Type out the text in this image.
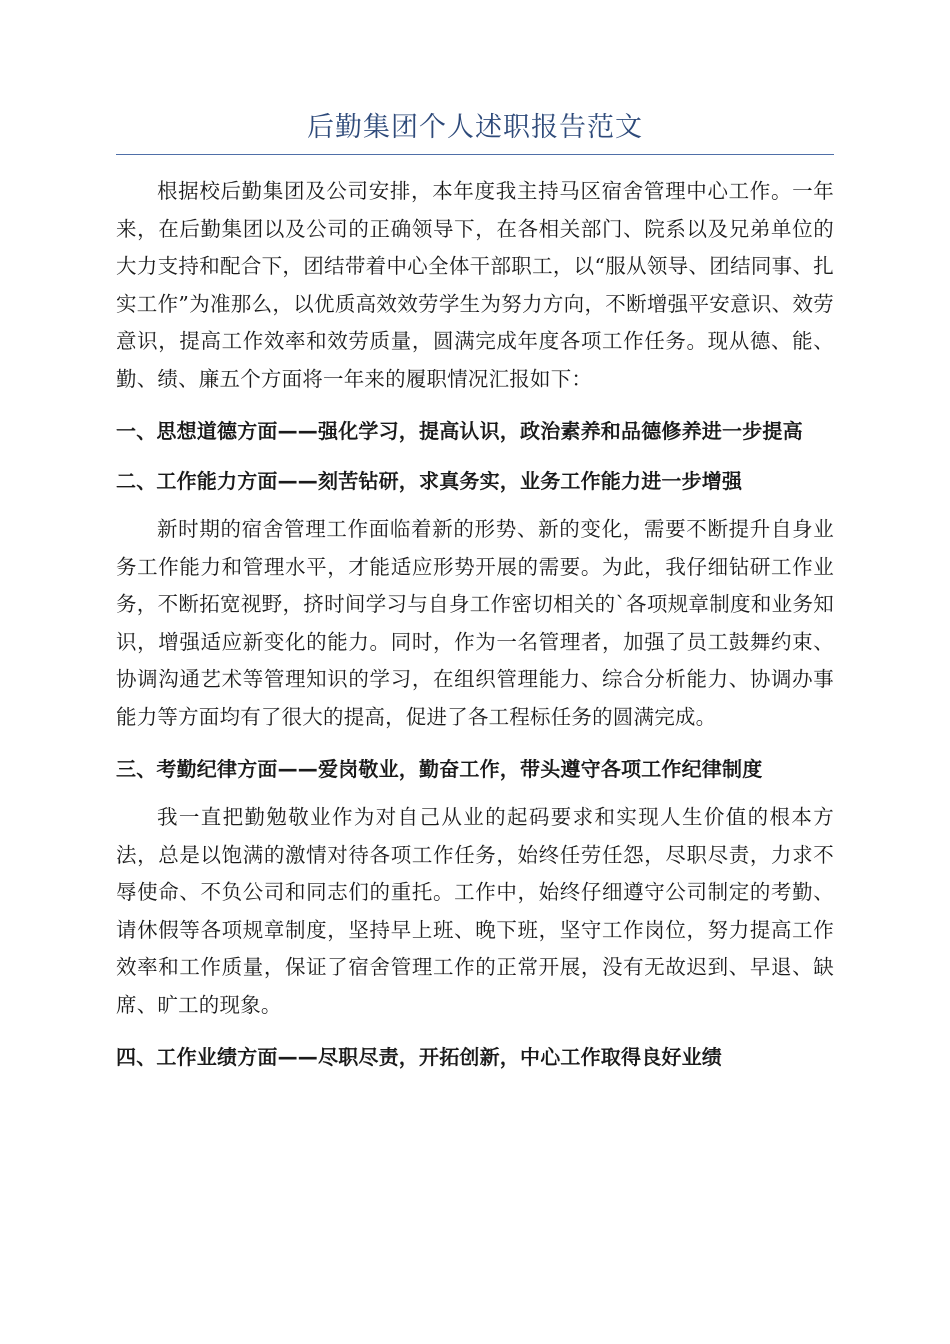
后勤集团个人述职报告范文

根据校后勤集团及公司安排，本年度我主持马区宿舍管理中心工作。一年来，在后勤集团以及公司的正确领导下，在各相关部门、院系以及兄弟单位的大力支持和配合下，团结带着中心全体干部职工，以“服从领导、团结同事、扎实工作”为准那么，以优质高效效劳学生为努力方向，不断增强平安意识、效劳意识，提高工作效率和效劳质量，圆满完成年度各项工作任务。现从德、能、勤、绩、廉五个方面将一年来的履职情况汇报如下：

一、思想道德方面——强化学习，提高认识，政治素养和品德修养进一步提高

二、工作能力方面——刻苦钻研，求真务实，业务工作能力进一步增强

新时期的宿舍管理工作面临着新的形势、新的变化，需要不断提升自身业务工作能力和管理水平，才能适应形势开展的需要。为此，我仔细钻研工作业务，不断拓宽视野，挤时间学习与自身工作密切相关的`各项规章制度和业务知识，增强适应新变化的能力。同时，作为一名管理者，加强了员工鼓舞约束、协调沟通艺术等管理知识的学习，在组织管理能力、综合分析能力、协调办事能力等方面均有了很大的提高，促进了各工程标任务的圆满完成。

三、考勤纪律方面——爱岗敬业，勤奋工作，带头遵守各项工作纪律制度

我一直把勤勉敬业作为对自己从业的起码要求和实现人生价值的根本方法，总是以饱满的激情对待各项工作任务，始终任劳任怨，尽职尽责，力求不辱使命、不负公司和同志们的重托。工作中，始终仔细遵守公司制定的考勤、请休假等各项规章制度，坚持早上班、晚下班，坚守工作岗位，努力提高工作效率和工作质量，保证了宿舍管理工作的正常开展，没有无故迟到、早退、缺席、旷工的现象。

四、工作业绩方面——尽职尽责，开拓创新，中心工作取得良好业绩
